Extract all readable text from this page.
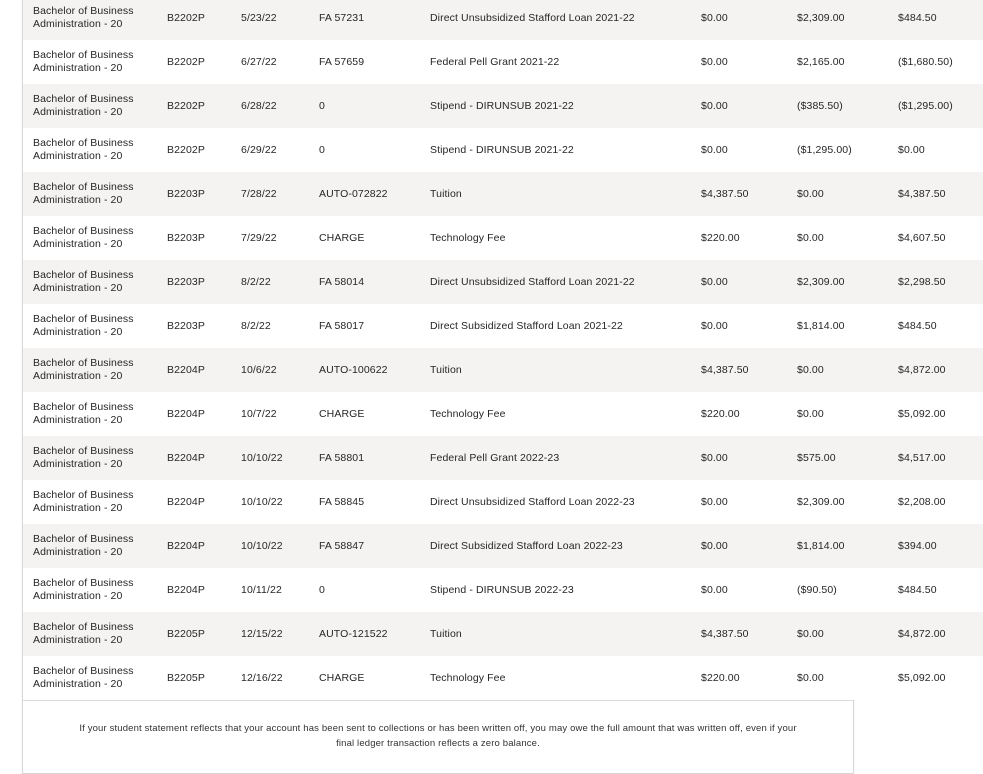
Bachelor of Business Administration - 20	B2202P	5/23/22	FA 57231	Direct Unsubsidized Stafford Loan 2021-22	$0.00	$2,309.00	$484.50

Bachelor of Business Administration - 20	B2202P	6/27/22	FA 57659	Federal Pell Grant 2021-22	$0.00	$2,165.00	($1,680.50)

Bachelor of Business Administration - 20	B2202P	6/28/22	0	Stipend - DIRUNSUB 2021-22	$0.00	($385.50)	($1,295.00)

Bachelor of Business Administration - 20	B2202P	6/29/22	0	Stipend - DIRUNSUB 2021-22	$0.00	($1,295.00)	$0.00

Bachelor of Business Administration - 20	B2203P	7/28/22	AUTO-072822	Tuition	$4,387.50	$0.00	$4,387.50

Bachelor of Business Administration - 20	B2203P	7/29/22	CHARGE	Technology Fee	$220.00	$0.00	$4,607.50

Bachelor of Business Administration - 20	B2203P	8/2/22	FA 58014	Direct Unsubsidized Stafford Loan 2021-22	$0.00	$2,309.00	$2,298.50

Bachelor of Business Administration - 20	B2203P	8/2/22	FA 58017	Direct Subsidized Stafford Loan 2021-22	$0.00	$1,814.00	$484.50

Bachelor of Business Administration - 20	B2204P	10/6/22	AUTO-100622	Tuition	$4,387.50	$0.00	$4,872.00

Bachelor of Business Administration - 20	B2204P	10/7/22	CHARGE	Technology Fee	$220.00	$0.00	$5,092.00

Bachelor of Business Administration - 20	B2204P	10/10/22	FA 58801	Federal Pell Grant 2022-23	$0.00	$575.00	$4,517.00

Bachelor of Business Administration - 20	B2204P	10/10/22	FA 58845	Direct Unsubsidized Stafford Loan 2022-23	$0.00	$2,309.00	$2,208.00

Bachelor of Business Administration - 20	B2204P	10/10/22	FA 58847	Direct Subsidized Stafford Loan 2022-23	$0.00	$1,814.00	$394.00

Bachelor of Business Administration - 20	B2204P	10/11/22	0	Stipend - DIRUNSUB 2022-23	$0.00	($90.50)	$484.50

Bachelor of Business Administration - 20	B2205P	12/15/22	AUTO-121522	Tuition	$4,387.50	$0.00	$4,872.00

Bachelor of Business Administration - 20	B2205P	12/16/22	CHARGE	Technology Fee	$220.00	$0.00	$5,092.00
If your student statement reflects that your account has been sent to collections or has been written off, you may owe the full amount that was written off, even if your final ledger transaction reflects a zero balance.
